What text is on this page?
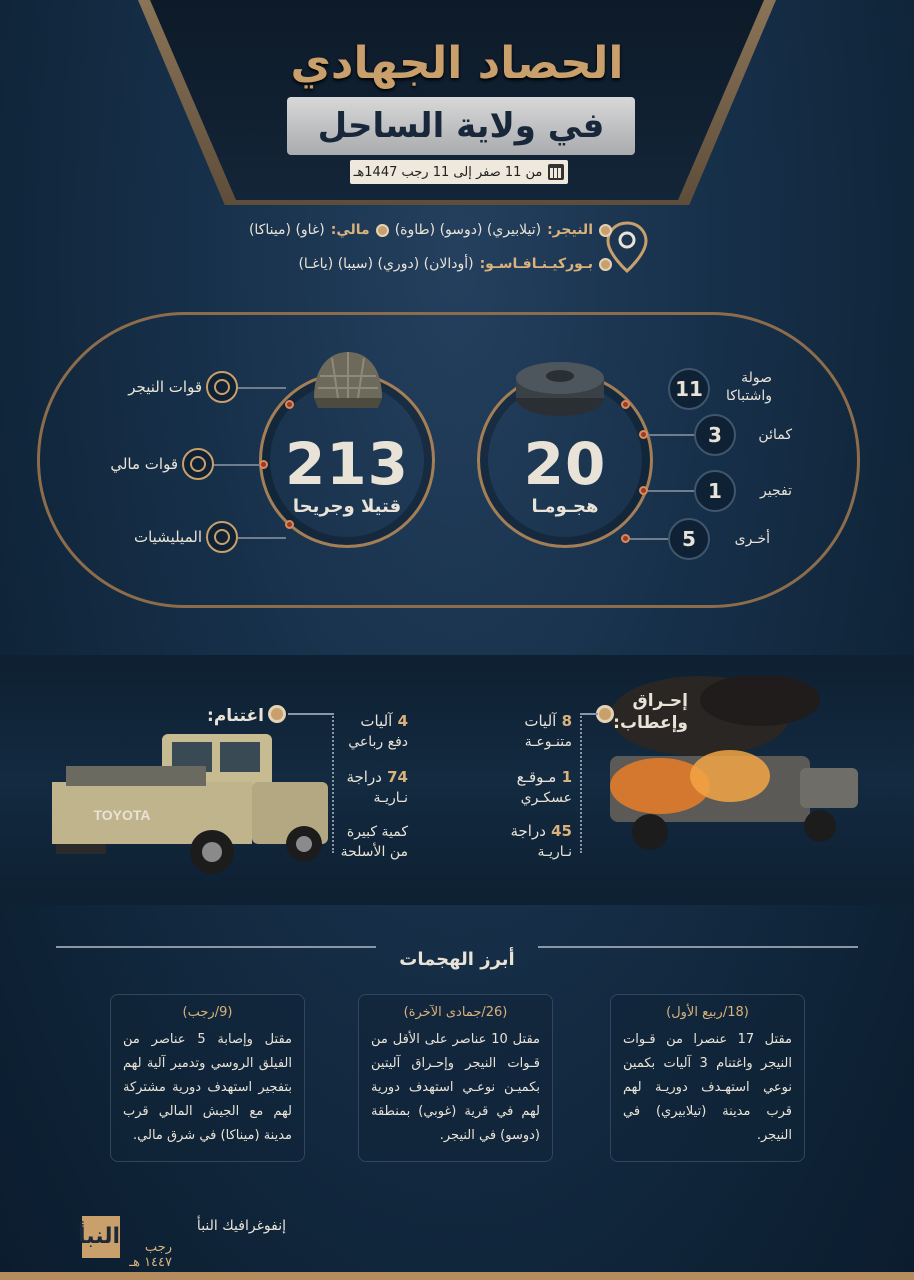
الحصاد الجهادي
في ولاية الساحل
من 11 صفر إلى 11 رجب 1447هـ
النيجر:
(تيلابيري) (دوسو) (طاوة)
مالي:
(غاو) (ميناكا)
بـوركيـنـافـاسـو:
(أودالان) (دوري) (سيبا) (ياغـا)
20
هجـومـا
11	صولة
واشتباكا
3	كمائن
1	تفجير
5	أخـرى
213
قتيلا وجريحا
قوات النيجر
قوات مالي
الميليشيات
TOYOTA
اغتنام:	4 آليات
دفع رباعي
74 دراجة
نـاريـة
كمية كبيرة
من الأسلحة
إحـراق
وإعطاب:
8 آليات
متنـوعـة
1 مـوقـع
عسكـري
45 دراجة
نـاريـة
أبرز الهجمات
(18/ربيع الأول)
مقتل 17 عنصرا من قـوات النيجر واغتنام 3 آليات بكمين نوعي استهـدف دوريـة لهم قرب مدينة (تيلابيري) في النيجر.
(26/جمادى الآخرة)
مقتل 10 عناصر على الأقل من قـوات النيجر وإحـراق آليتين بكميـن نوعـي استهدف دورية لهم في قرية (غوبي) بمنطقة (دوسو) في النيجر.
(9/رجب)
مقتل وإصابة 5 عناصر من الفيلق الروسي وتدمير آلية لهم بتفجير استهدف دورية مشتركة لهم مع الجيش المالي قرب مدينة (ميناكا) في شرق مالي.
النبأ	إنفوغرافيك النبأ
رجب ١٤٤٧ هـ
